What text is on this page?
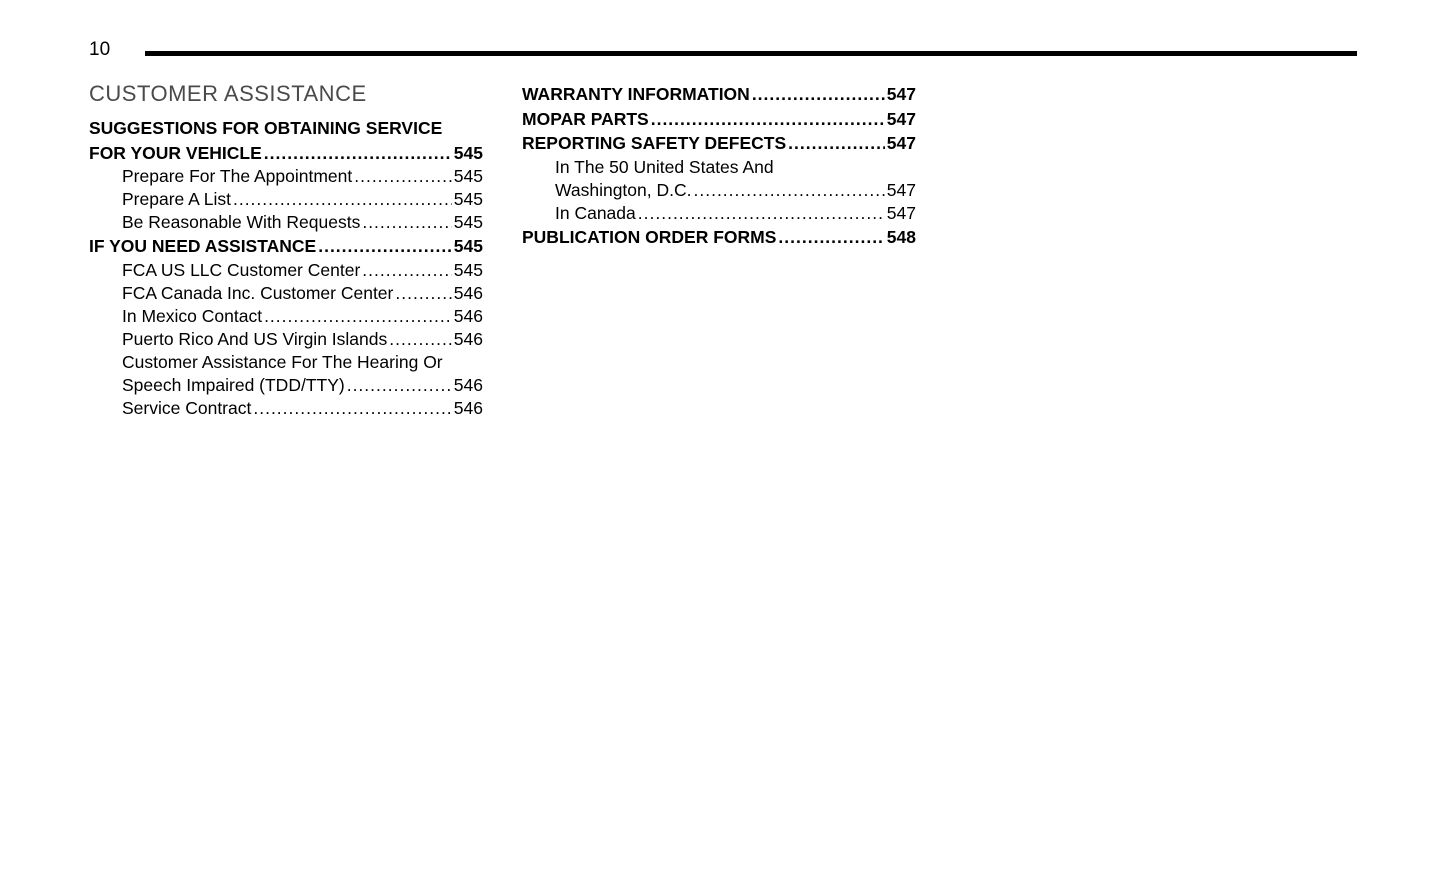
10
CUSTOMER ASSISTANCE
SUGGESTIONS FOR OBTAINING SERVICE
FOR YOUR VEHICLE .....	545
Prepare For The Appointment .....	545
Prepare A List .....	545
Be Reasonable With Requests .....	545
IF YOU NEED ASSISTANCE .....	545
FCA US LLC Customer Center .....	545
FCA Canada Inc. Customer Center .....	546
In Mexico Contact .....	546
Puerto Rico And US Virgin Islands .....	546
Customer Assistance For The Hearing Or
Speech Impaired (TDD/TTY) .....	546
Service Contract .....	546
WARRANTY INFORMATION .....	547
MOPAR PARTS .....	547
REPORTING SAFETY DEFECTS .....	547
In The 50 United States And
Washington, D.C. .....	547
In Canada .....	547
PUBLICATION ORDER FORMS .....	548
